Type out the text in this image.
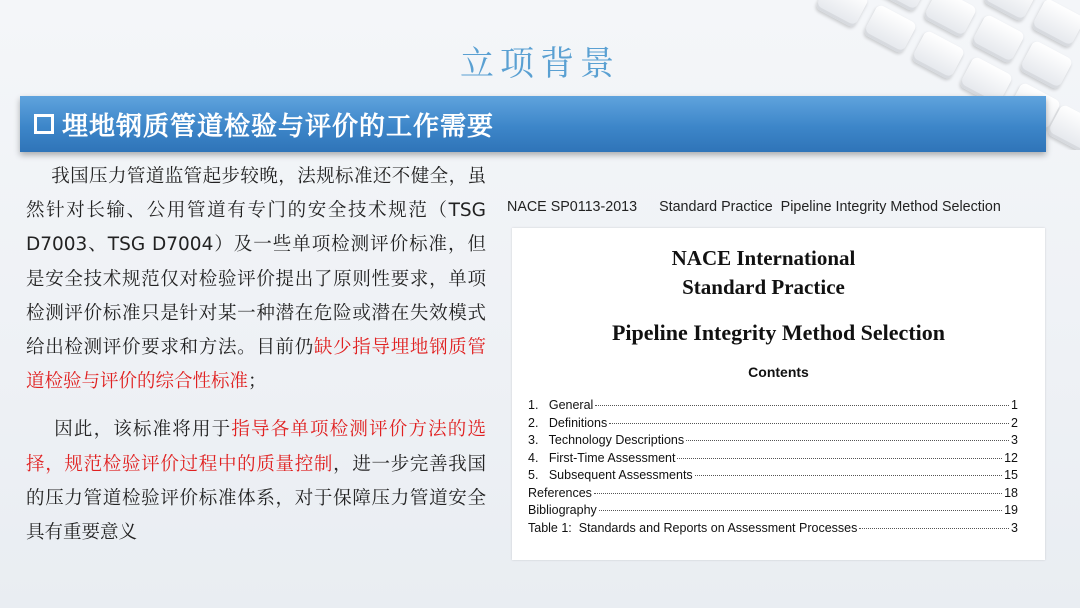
立项背景
埋地钢质管道检验与评价的工作需要

我国压力管道监管起步较晚，法规标准还不健全，虽然针对长输、公用管道有专门的安全技术规范（TSG D7003、TSG D7004）及一些单项检测评价标准，但是安全技术规范仅对检验评价提出了原则性要求，单项检测评价标准只是针对某一种潜在危险或潜在失效模式给出检测评价要求和方法。目前仍缺少指导埋地钢质管道检验与评价的综合性标准；

因此，该标准将用于指导各单项检测评价方法的选择，规范检验评价过程中的质量控制，进一步完善我国的压力管道检验评价标准体系，对于保障压力管道安全具有重要意义

NACE SP0113-2013 Standard Practice  Pipeline Integrity Method Selection
NACE International
Standard Practice
Pipeline Integrity Method Selection
Contents
1.   General	1
2.   Definitions	2
3.   Technology Descriptions	3
4.   First-Time Assessment	12
5.   Subsequent Assessments	15
References	18
Bibliography	19
Table 1:  Standards and Reports on Assessment Processes	3
